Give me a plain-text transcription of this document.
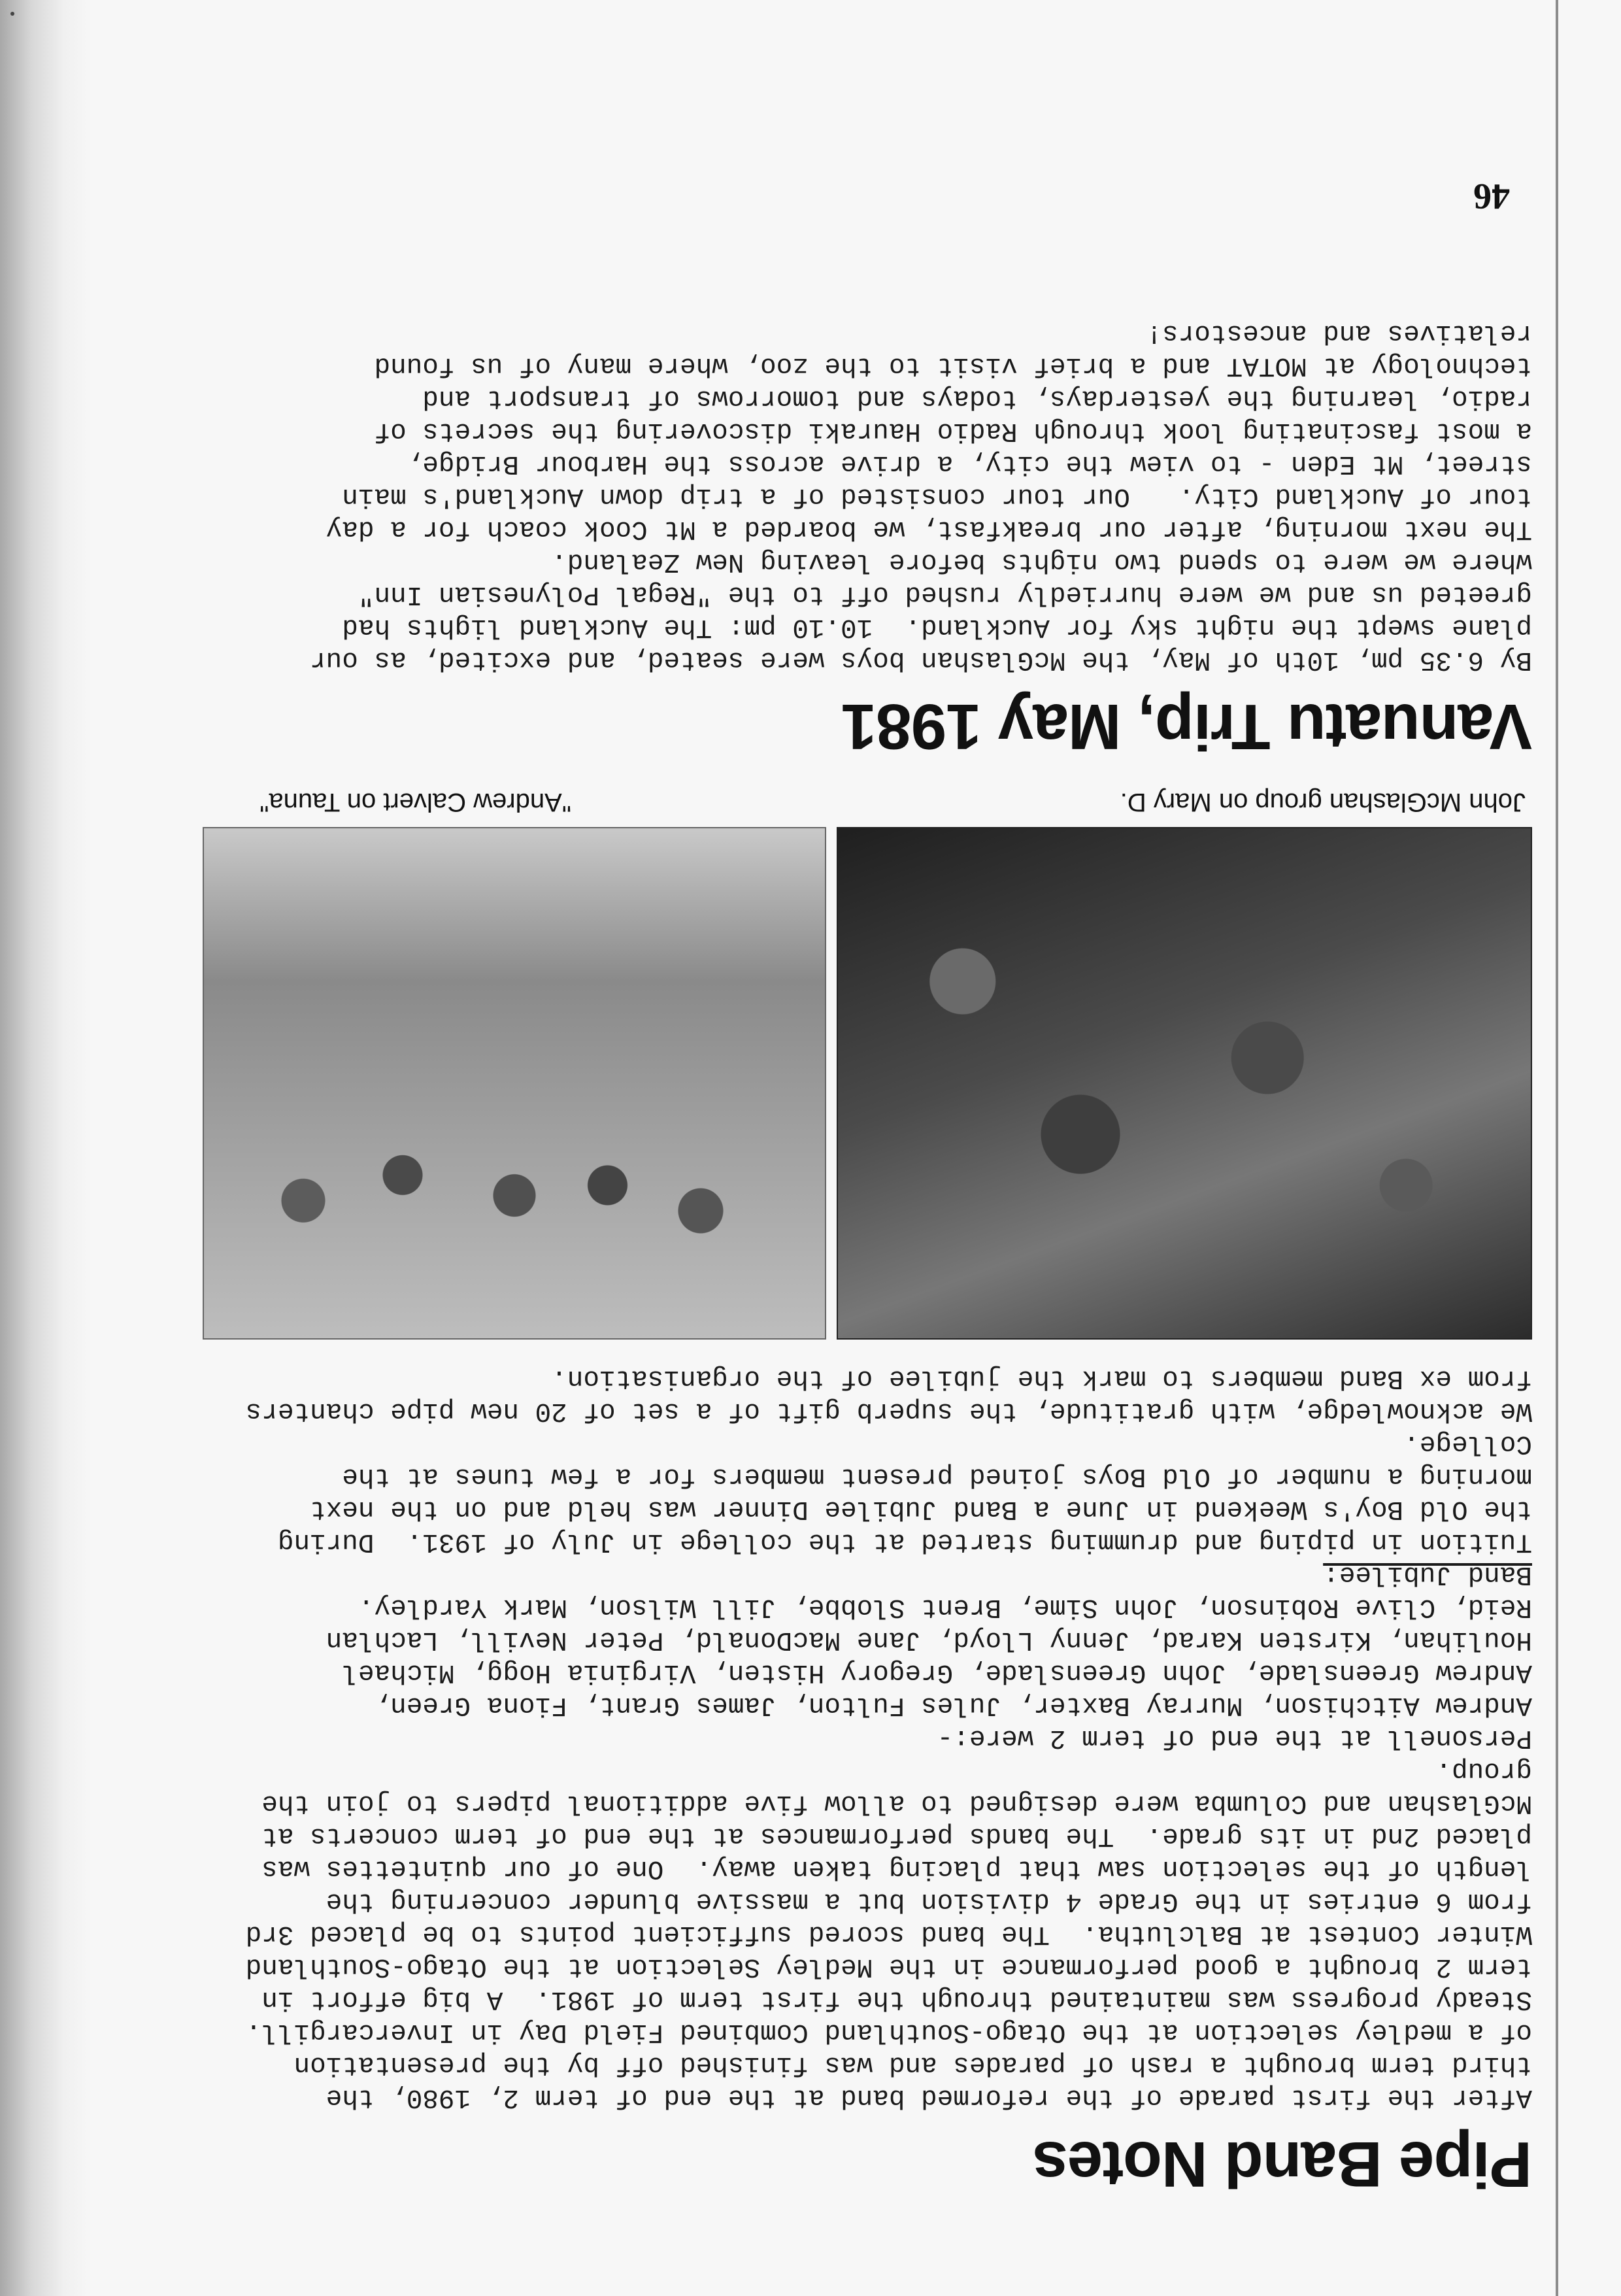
Pipe Band Notes

After the first parade of the reformed band at the end of term 2, 1980, the
third term brought a rash of parades and was finished off by the presentation
of a medley selection at the Otago-Southland Combined Field Day in Invercargill.

Steady progress was maintained through the first term of 1981.  A big effort in
term 2 brought a good performance in the Medley Selection at the Otago-Southland
Winter Contest at Balclutha.  The band scored sufficient points to be placed 3rd
from 6 entries in the Grade 4 division but a massive blunder concerning the
length of the selection saw that placing taken away.  One of our quintettes was
placed 2nd in its grade.  The bands performances at the end of term concerts at
McGlashan and Columba were designed to allow five additional pipers to join the
group.

Personell at the end of term 2 were:-
Andrew Aitchison, Murray Baxter, Jules Fulton, James Grant, Fiona Green,
Andrew Greenslade, John Greenslade, Gregory Histen, Virginia Hogg, Michael
Houlihan, Kirsten Karad, Jenny Lloyd, Jane MacDonald, Peter Nevill, Lachlan
Reid, Clive Robinson, John Sime, Brent Slobbe, Jill Wilson, Mark Yardley.

Band Jubilee:
Tuition in piping and drumming started at the college in July of 1931.  During
the Old Boy's Weekend in June a Band Jubilee Dinner was held and on the next
morning a number of Old Boys joined present members for a few tunes at the
College.

We acknowledge, with gratitude, the superb gift of a set of 20 new pipe chanters
from ex Band members to mark the jubilee of the organisation.

John McGlashan group on Mary D.
"Andrew Calvert on Tauna"
Vanuatu Trip, May 1981

By 6.35 pm, 10th of May, the McGlashan boys were seated, and excited, as our
plane swept the night sky for Auckland.  10.10 pm: The Auckland lights had
greeted us and we were hurriedly rushed off to the "Regal Polynesian Inn"
where we were to spend two nights before leaving New Zealand.

The next morning, after our breakfast, we boarded a Mt Cook coach for a day
tour of Auckland City.   Our tour consisted of a trip down Auckland's main
street, Mt Eden - to view the city, a drive across the Harbour Bridge,
a most fascinating look through Radio Hauraki discovering the secrets of
radio, learning the yesterdays, todays and tomorrows of transport and
technology at MOTAT and a brief visit to the zoo, where many of us found
relatives and ancestors!

46
